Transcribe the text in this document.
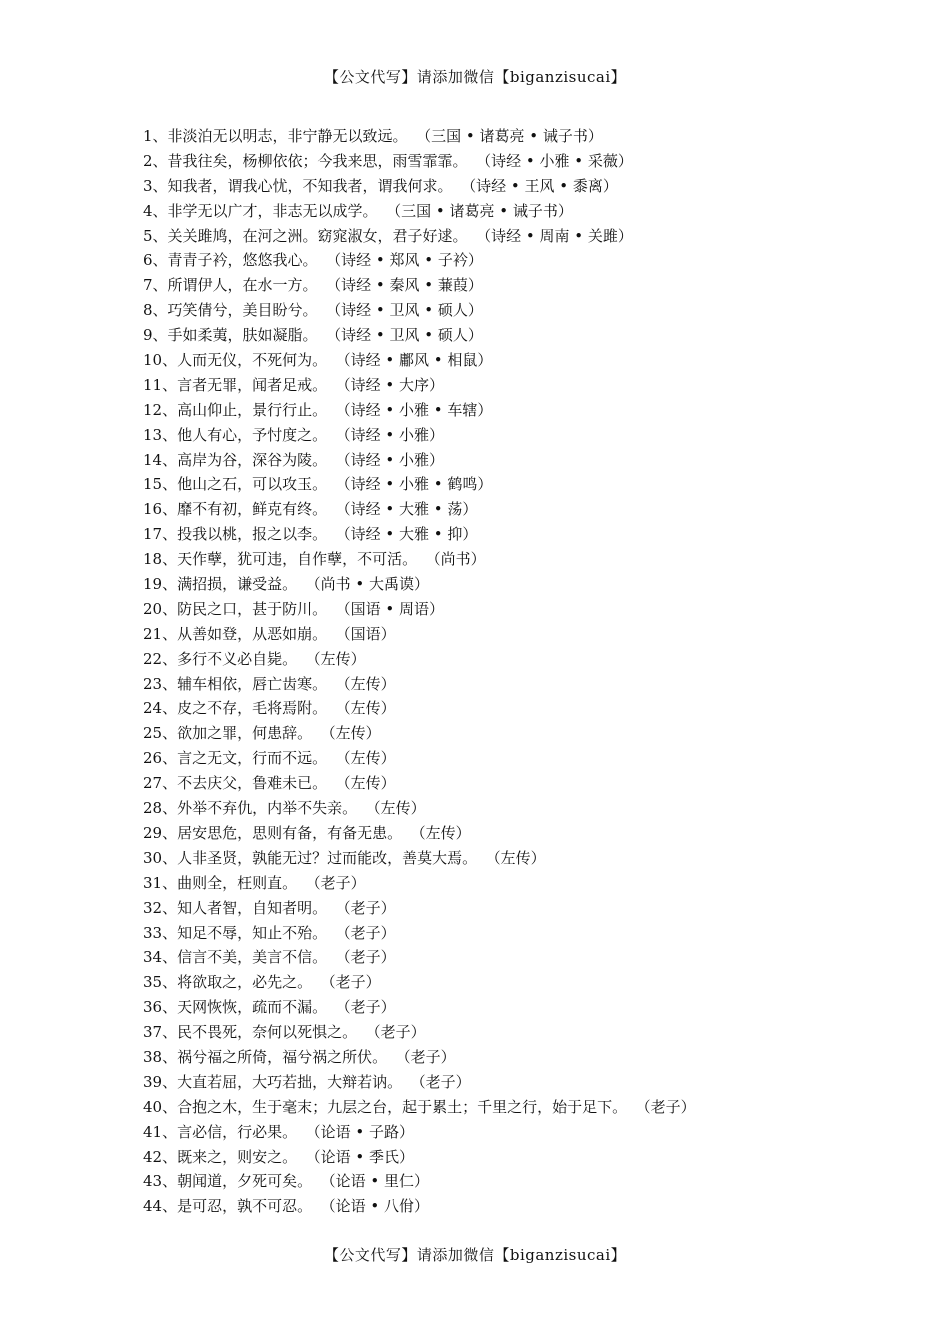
【公文代写】请添加微信【biganzisucai】
1、非淡泊无以明志，非宁静无以致远。 （三国 • 诸葛亮 • 诫子书）
2、昔我往矣，杨柳依依；今我来思，雨雪霏霏。 （诗经 • 小雅 • 采薇）
3、知我者，谓我心忧，不知我者，谓我何求。 （诗经 • 王风 • 黍离）
4、非学无以广才，非志无以成学。 （三国 • 诸葛亮 • 诫子书）
5、关关雎鸠，在河之洲。窈窕淑女，君子好逑。 （诗经 • 周南 • 关雎）
6、青青子衿，悠悠我心。 （诗经 • 郑风 • 子衿）
7、所谓伊人，在水一方。 （诗经 • 秦风 • 蒹葭）
8、巧笑倩兮，美目盼兮。 （诗经 • 卫风 • 硕人）
9、手如柔荑，肤如凝脂。 （诗经 • 卫风 • 硕人）
10、人而无仪，不死何为。 （诗经 • 鄘风 • 相鼠）
11、言者无罪，闻者足戒。 （诗经 • 大序）
12、高山仰止，景行行止。 （诗经 • 小雅 • 车辖）
13、他人有心，予忖度之。 （诗经 • 小雅）
14、高岸为谷，深谷为陵。 （诗经 • 小雅）
15、他山之石，可以攻玉。 （诗经 • 小雅 • 鹤鸣）
16、靡不有初，鲜克有终。 （诗经 • 大雅 • 荡）
17、投我以桃，报之以李。 （诗经 • 大雅 • 抑）
18、天作孽，犹可违，自作孽，不可活。 （尚书）
19、满招损，谦受益。 （尚书 • 大禹谟）
20、防民之口，甚于防川。 （国语 • 周语）
21、从善如登，从恶如崩。 （国语）
22、多行不义必自毙。 （左传）
23、辅车相依，唇亡齿寒。 （左传）
24、皮之不存，毛将焉附。 （左传）
25、欲加之罪，何患辞。 （左传）
26、言之无文，行而不远。 （左传）
27、不去庆父，鲁难未已。 （左传）
28、外举不弃仇，内举不失亲。 （左传）
29、居安思危，思则有备，有备无患。 （左传）
30、人非圣贤，孰能无过？过而能改，善莫大焉。 （左传）
31、曲则全，枉则直。 （老子）
32、知人者智，自知者明。 （老子）
33、知足不辱，知止不殆。 （老子）
34、信言不美，美言不信。 （老子）
35、将欲取之，必先之。 （老子）
36、天网恢恢，疏而不漏。 （老子）
37、民不畏死，奈何以死惧之。 （老子）
38、祸兮福之所倚，福兮祸之所伏。 （老子）
39、大直若屈，大巧若拙，大辩若讷。 （老子）
40、合抱之木，生于毫末；九层之台，起于累土；千里之行，始于足下。 （老子）
41、言必信，行必果。 （论语 • 子路）
42、既来之，则安之。 （论语 • 季氏）
43、朝闻道，夕死可矣。 （论语 • 里仁）
44、是可忍，孰不可忍。 （论语 • 八佾）
【公文代写】请添加微信【biganzisucai】
